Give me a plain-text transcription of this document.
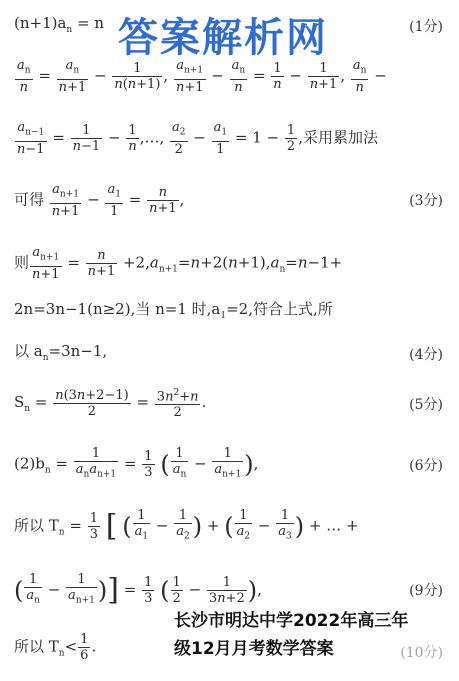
$(n+1)a_n = n$	(1分)
$\frac{a_n}{n} = \frac{a_n}{n+1} - \frac{1}{n(n+1)}$ , $\frac{a_{n+1}}{n+1} - \frac{a_n}{n} = \frac{1}{n} - \frac{1}{n+1}$ , $\frac{a_n}{n}$ −
$\frac{a_{n-1}}{n-1} = \frac{1}{n-1} - \frac{1}{n}$ ,…, $\frac{a_2}{2} - \frac{a_1}{1} = 1 - \frac{1}{2}$ ,采用累加法
可得 $\frac{a_{n+1}}{n+1} - \frac{a_1}{1} = \frac{n}{n+1}$ ,	(3分)
则 $\frac{a_{n+1}}{n+1} = \frac{n}{n+1} +2,a_{n+1}=n+2(n+1),a_n=n-1+$
2n=3n−1(n≥2),当 n=1 时$,a_1=2$,符合上式,所
以 $a_n=3n-1$,	(4分)
$S_n = \frac{n(3n+2-1)}{2} = \frac{3n^2+n}{2}$ .	(5分)
$(2)b_n = \frac{1}{a_na_{n+1}} = \frac{1}{3}$ ( $\frac{1}{a_n} - \frac{1}{a_{n+1}}$ ),	(6分)
所以 $T_n = \frac{1}{3}$ [ ( $\frac{1}{a_1} - \frac{1}{a_2}$ ) + ( $\frac{1}{a_2} - \frac{1}{a_3}$ ) + … +
( $\frac{1}{a_n} - \frac{1}{a_{n+1}}$ )] = $\frac{1}{3}$ ( $\frac{1}{2} - \frac{1}{3n+2}$ ),	(9分)
所以 $T_n< \frac{1}{6}$ .
答案解析网
长沙市明达中学2022年高三年
级12月月考数学答案
